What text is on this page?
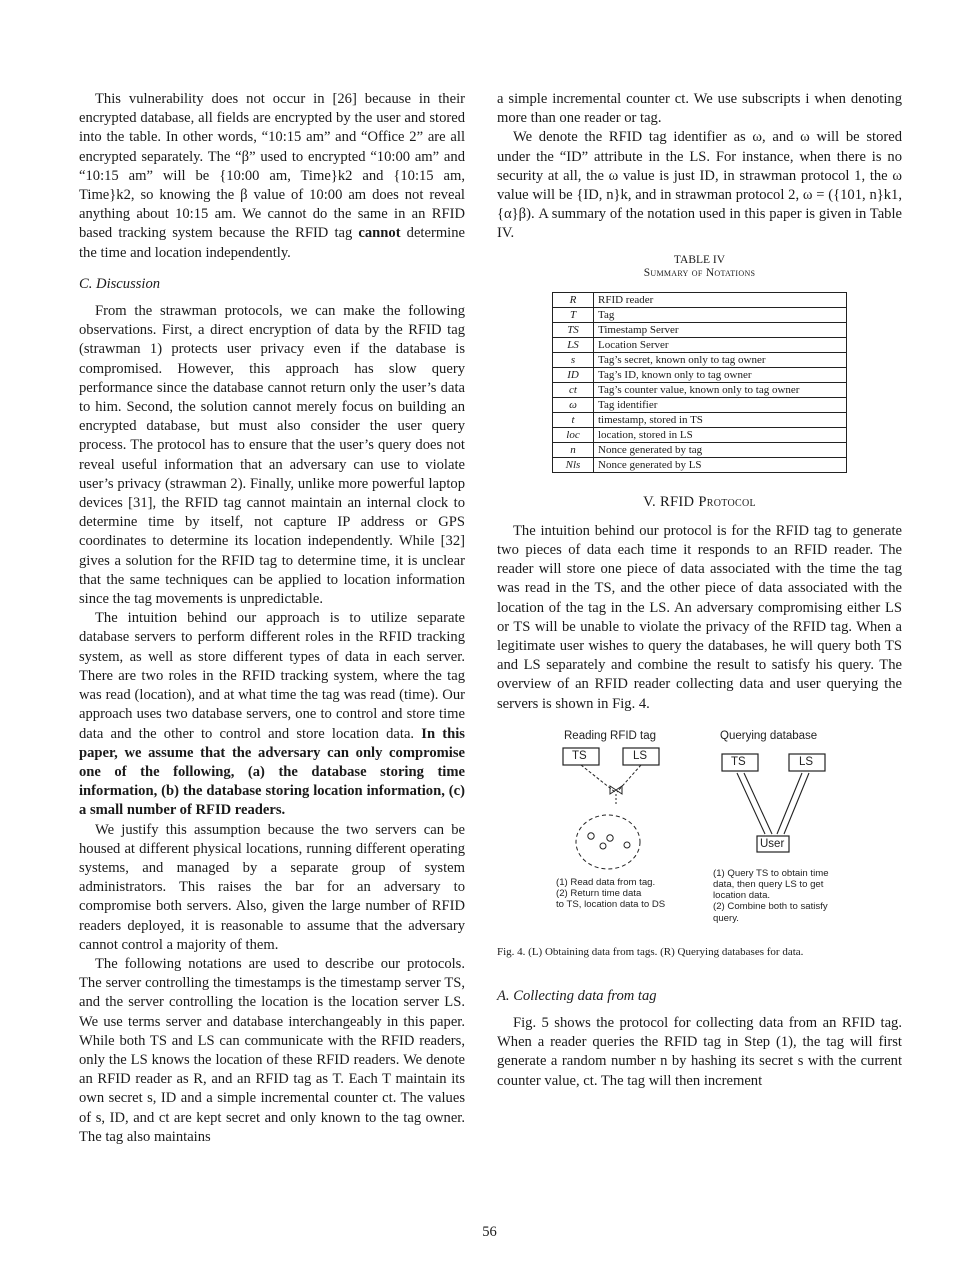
This vulnerability does not occur in [26] because in their encrypted database, all fields are encrypted by the user and stored into the table. In other words, “10:15 am” and “Office 2” are all encrypted separately. The “β” used to encrypted “10:00 am” and “10:15 am” will be {10:00 am, Time}k2 and {10:15 am, Time}k2, so knowing the β value of 10:00 am does not reveal anything about 10:15 am. We cannot do the same in an RFID based tracking system because the RFID tag cannot determine the time and location independently.

C. Discussion

From the strawman protocols, we can make the following observations. First, a direct encryption of data by the RFID tag (strawman 1) protects user privacy even if the database is compromised. However, this approach has slow query performance since the database cannot return only the user’s data to him. Second, the solution cannot merely focus on building an encrypted database, but must also consider the user query process. The protocol has to ensure that the user’s query does not reveal useful information that an adversary can use to violate user’s privacy (strawman 2). Finally, unlike more powerful laptop devices [31], the RFID tag cannot maintain an internal clock to determine time by itself, not capture IP address or GPS coordinates to determine its location independently. While [32] gives a solution for the RFID tag to determine time, it is unclear that the same techniques can be applied to location information since the tag movements is unpredictable.

The intuition behind our approach is to utilize separate database servers to perform different roles in the RFID tracking system, as well as store different types of data in each server. There are two roles in the RFID tracking system, where the tag was read (location), and at what time the tag was read (time). Our approach uses two database servers, one to control and store time data and the other to control and store location data. In this paper, we assume that the adversary can only compromise one of the following, (a) the database storing time information, (b) the database storing location information, (c) a small number of RFID readers.

We justify this assumption because the two servers can be housed at different physical locations, running different operating systems, and managed by a separate group of system administrators. This raises the bar for an adversary to compromise both servers. Also, given the large number of RFID readers deployed, it is reasonable to assume that the adversary cannot control a majority of them.

The following notations are used to describe our protocols. The server controlling the timestamps is the timestamp server TS, and the server controlling the location is the location server LS. We use terms server and database interchangeably in this paper. While both TS and LS can communicate with the RFID readers, only the LS knows the location of these RFID readers. We denote an RFID reader as R, and an RFID tag as T. Each T maintain its own secret s, ID and a simple incremental counter ct. The values of s, ID, and ct are kept secret and only known to the tag owner. The tag also maintains

a simple incremental counter ct. We use subscripts i when denoting more than one reader or tag.

We denote the RFID tag identifier as ω, and ω will be stored under the “ID” attribute in the LS. For instance, when there is no security at all, the ω value is just ID, in strawman protocol 1, the ω value will be {ID, n}k, and in strawman protocol 2, ω = ({101, n}k1, {α}β). A summary of the notation used in this paper is given in Table IV.

TABLE IV
Summary of Notations
R	RFID reader
T	Tag
TS	Timestamp Server
LS	Location Server
s	Tag’s secret, known only to tag owner
ID	Tag’s ID, known only to tag owner
ct	Tag’s counter value, known only to tag owner
ω	Tag identifier
t	timestamp, stored in TS
loc	location, stored in LS
n	Nonce generated by tag
Nls	Nonce generated by LS
V. RFID Protocol

The intuition behind our protocol is for the RFID tag to generate two pieces of data each time it responds to an RFID reader. The reader will store one piece of data associated with the time the tag was read in the TS, and the other piece of data associated with the location of the tag in the LS. An adversary compromising either LS or TS will be unable to violate the privacy of the RFID tag. When a legitimate user wishes to query the databases, he will query both TS and LS separately and combine the result to satisfy his query. The overview of an RFID reader collecting data and user querying the servers is shown in Fig. 4.

Reading RFID tag	Querying database
TS	LS	TS	LS
User
(1) Read data from tag.
(2) Return time data
to TS, location data to DS
(1) Query TS to obtain time
data, then query LS to get
location data.
(2) Combine both to satisfy
query.

Fig. 4. (L) Obtaining data from tags. (R) Querying databases for data.

A. Collecting data from tag

Fig. 5 shows the protocol for collecting data from an RFID tag. When a reader queries the RFID tag in Step (1), the tag will first generate a random number n by hashing its secret s with the current counter value, ct. The tag will then increment

56
